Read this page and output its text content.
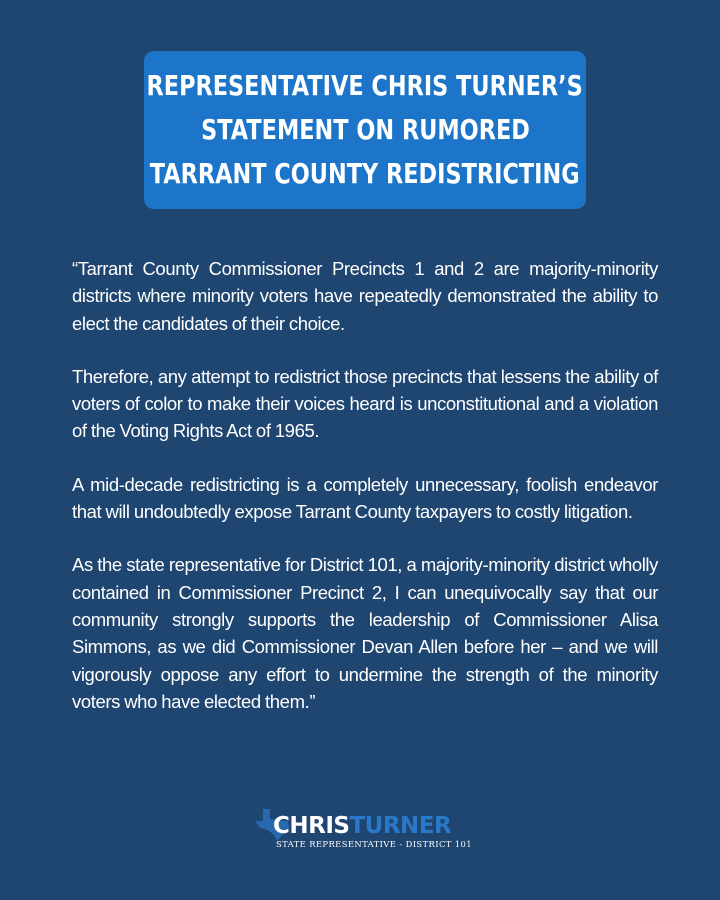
REPRESENTATIVE CHRIS TURNER’S
STATEMENT ON RUMORED
TARRANT COUNTY REDISTRICTING

“Tarrant County Commissioner Precincts 1 and 2 are majority-minority districts where minority voters have repeatedly demonstrated the ability to elect the candidates of their choice.

Therefore, any attempt to redistrict those precincts that lessens the ability of voters of color to make their voices heard is unconstitutional and a violation of the Voting Rights Act of 1965.

A mid-decade redistricting is a completely unnecessary, foolish endeavor that will undoubtedly expose Tarrant County taxpayers to costly litigation.

As the state representative for District 101, a majority-minority district wholly contained in Commissioner Precinct 2, I can unequivocally say that our community strongly supports the leadership of Commissioner Alisa Simmons, as we did Commissioner Devan Allen before her – and we will vigorously oppose any effort to undermine the strength of the minority voters who have elected them.”

CHRISTURNER
STATE REPRESENTATIVE - DISTRICT 101
